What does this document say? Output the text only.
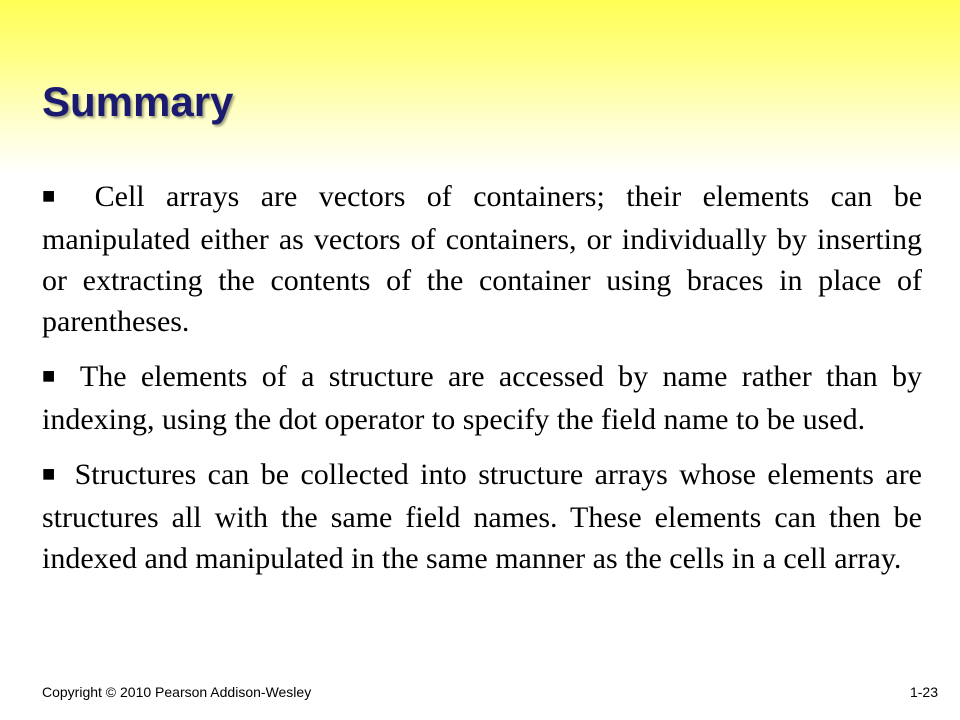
Summary
■ Cell arrays are vectors of containers; their elements can be manipulated either as vectors of containers, or individually by inserting or extracting the contents of the container using braces in place of parentheses.
■ The elements of a structure are accessed by name rather than by indexing, using the dot operator to specify the field name to be used.
■ Structures can be collected into structure arrays whose elements are structures all with the same field names. These elements can then be indexed and manipulated in the same manner as the cells in a cell array.
Copyright © 2010 Pearson Addison-Wesley	1-23
